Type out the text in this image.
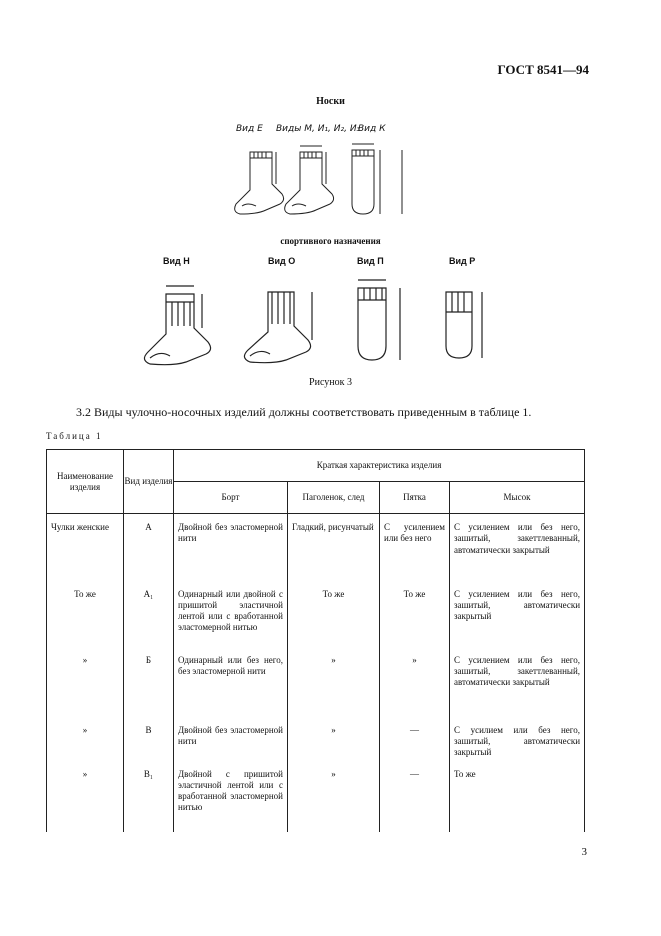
ГОСТ 8541—94
Носки
Вид Е Виды М, И₁, И₂, И₃
Вид К
спортивного назначения
Вид Н	Вид О	Вид П	Вид Р
Рисунок 3
3.2 Виды чулочно-носочных изделий должны соответствовать приведенным в таблице 1.
Таблица 1
Наименование изделия	Вид изделия	Краткая характеристика изделия			
		Борт	Паголенок, след	Пятка	Мысок
Чулки женские	А	Двойной без эластомерной нити	Гладкий, рисунчатый	С усилением или без него	С усилением или без него, зашитый, закеттлеванный, автоматически закрытый
То же	А₁	Одинарный или двойной с пришитой эластичной лентой или с вработанной эластомерной нитью	То же	То же	С усилением или без него, зашитый, автоматически закрытый
»	Б	Одинарный или без него, без эластомерной нити	»	»	С усилением или без него, зашитый, закеттлеванный, автоматически закрытый
»	В	Двойной без эластомерной нити	»	—	С усилием или без него, зашитый, автоматически закрытый
»	В₁	Двойной с пришитой эластичной лентой или с вработанной эластомерной нитью	»	—	То же
3
